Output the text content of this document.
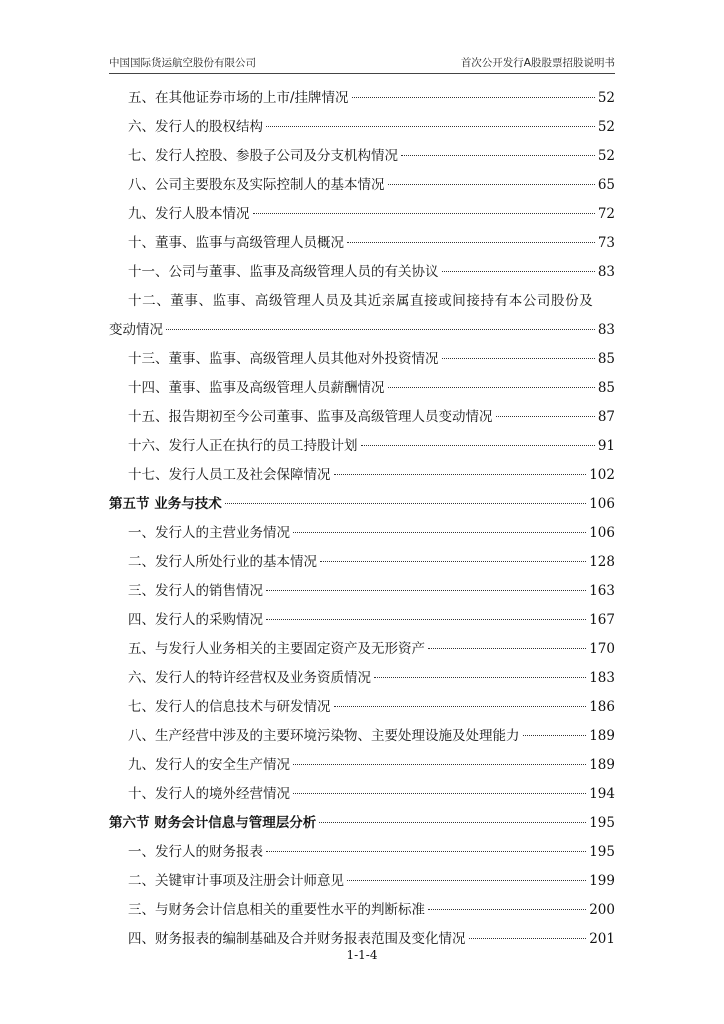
中国国际货运航空股份有限公司	首次公开发行A股股票招股说明书
五、在其他证券市场的上市/挂牌情况	52
六、发行人的股权结构	52
七、发行人控股、参股子公司及分支机构情况	52
八、公司主要股东及实际控制人的基本情况	65
九、发行人股本情况	72
十、董事、监事与高级管理人员概况	73
十一、公司与董事、监事及高级管理人员的有关协议	83
十二、董事、监事、高级管理人员及其近亲属直接或间接持有本公司股份及
变动情况	83
十三、董事、监事、高级管理人员其他对外投资情况	85
十四、董事、监事及高级管理人员薪酬情况	85
十五、报告期初至今公司董事、监事及高级管理人员变动情况	87
十六、发行人正在执行的员工持股计划	91
十七、发行人员工及社会保障情况	102
第五节 业务与技术	106
一、发行人的主营业务情况	106
二、发行人所处行业的基本情况	128
三、发行人的销售情况	163
四、发行人的采购情况	167
五、与发行人业务相关的主要固定资产及无形资产	170
六、发行人的特许经营权及业务资质情况	183
七、发行人的信息技术与研发情况	186
八、生产经营中涉及的主要环境污染物、主要处理设施及处理能力	189
九、发行人的安全生产情况	189
十、发行人的境外经营情况	194
第六节 财务会计信息与管理层分析	195
一、发行人的财务报表	195
二、关键审计事项及注册会计师意见	199
三、与财务会计信息相关的重要性水平的判断标准	200
四、财务报表的编制基础及合并财务报表范围及变化情况	201
1-1-4
